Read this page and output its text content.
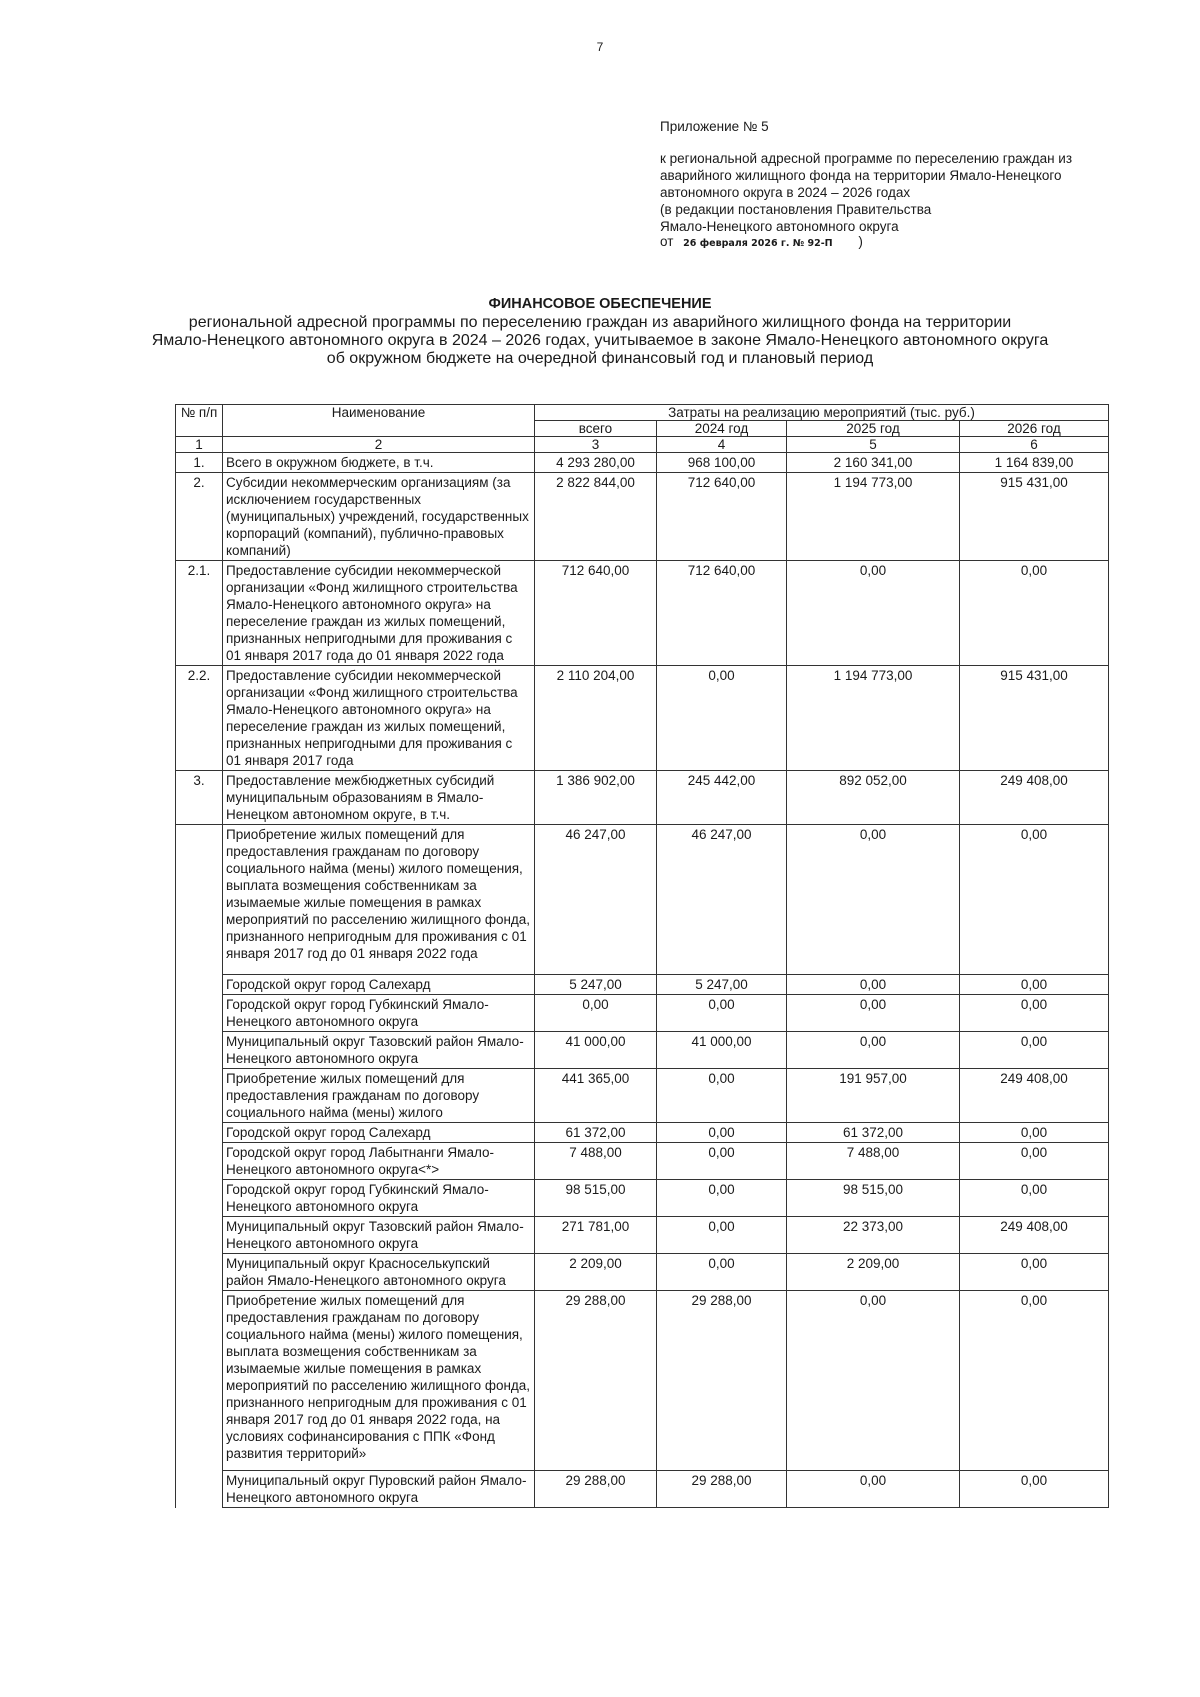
7
Приложение № 5
к региональной адресной программе по переселению граждан из
аварийного жилищного фонда на территории Ямало-Ненецкого
автономного округа в 2024 – 2026 годах
(в редакции постановления Правительства
Ямало-Ненецкого автономного округа
от 26 февраля 2026 г. № 92-П )
ФИНАНСОВОЕ ОБЕСПЕЧЕНИЕ
региональной адресной программы по переселению граждан из аварийного жилищного фонда на территории
Ямало-Ненецкого автономного округа в 2024 – 2026 годах, учитываемое в законе Ямало-Ненецкого автономного округа
об окружном бюджете на очередной финансовый год и плановый период
№ п/п	Наименование	Затраты на реализацию мероприятий (тыс. руб.)			
		всего	2024 год	2025 год	2026 год
1	2	3	4	5	6
1.	Всего в окружном бюджете, в т.ч.	4 293 280,00	968 100,00	2 160 341,00	1 164 839,00
2.	Субсидии некоммерческим организациям (за исключением государственных (муниципальных) учреждений, государственных корпораций (компаний), публично-правовых компаний)	2 822 844,00	712 640,00	1 194 773,00	915 431,00
2.1.	Предоставление субсидии некоммерческой организации «Фонд жилищного строительства Ямало-Ненецкого автономного округа» на переселение граждан из жилых помещений, признанных непригодными для проживания с 01 января 2017 года до 01 января 2022 года	712 640,00	712 640,00	0,00	0,00
2.2.	Предоставление субсидии некоммерческой организации «Фонд жилищного строительства Ямало-Ненецкого автономного округа» на переселение граждан из жилых помещений, признанных непригодными для проживания с 01 января 2017 года	2 110 204,00	0,00	1 194 773,00	915 431,00
3.	Предоставление межбюджетных субсидий муниципальным образованиям в Ямало-Ненецком автономном округе, в т.ч.	1 386 902,00	245 442,00	892 052,00	249 408,00
	Приобретение жилых помещений для предоставления гражданам по договору социального найма (мены) жилого помещения, выплата возмещения собственникам за изымаемые жилые помещения в рамках мероприятий по расселению жилищного фонда, признанного непригодным для проживания с 01 января 2017 год до 01 января 2022 года	46 247,00	46 247,00	0,00	0,00
	Городской округ город Салехард	5 247,00	5 247,00	0,00	0,00
	Городской округ город Губкинский Ямало-Ненецкого автономного округа	0,00	0,00	0,00	0,00
	Муниципальный округ Тазовский район Ямало-Ненецкого автономного округа	41 000,00	41 000,00	0,00	0,00
	Приобретение жилых помещений для предоставления гражданам по договору социального найма (мены) жилого	441 365,00	0,00	191 957,00	249 408,00
	Городской округ город Салехард	61 372,00	0,00	61 372,00	0,00
	Городской округ город Лабытнанги Ямало-Ненецкого автономного округа<*>	7 488,00	0,00	7 488,00	0,00
	Городской округ город Губкинский Ямало-Ненецкого автономного округа	98 515,00	0,00	98 515,00	0,00
	Муниципальный округ Тазовский район Ямало-Ненецкого автономного округа	271 781,00	0,00	22 373,00	249 408,00
	Муниципальный округ Красноселькупский район Ямало-Ненецкого автономного округа	2 209,00	0,00	2 209,00	0,00
	Приобретение жилых помещений для предоставления гражданам по договору социального найма (мены) жилого помещения, выплата возмещения собственникам за изымаемые жилые помещения в рамках мероприятий по расселению жилищного фонда, признанного непригодным для проживания с 01 января 2017 год до 01 января 2022 года, на условиях софинансирования с ППК «Фонд развития территорий»	29 288,00	29 288,00	0,00	0,00
	Муниципальный округ Пуровский район Ямало-Ненецкого автономного округа	29 288,00	29 288,00	0,00	0,00
